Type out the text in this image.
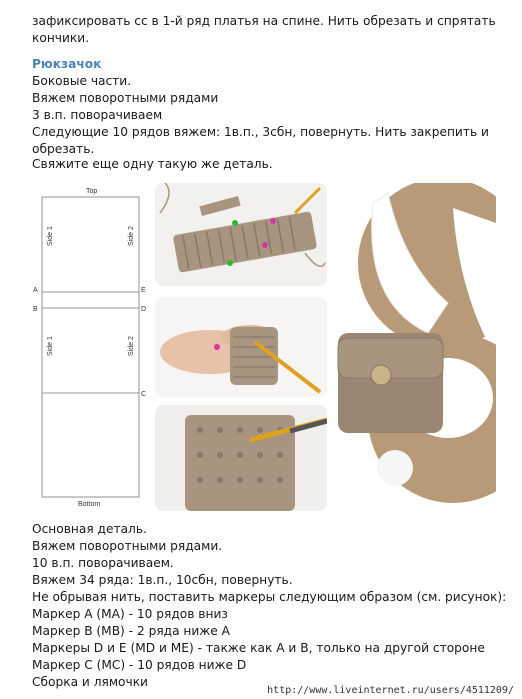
зафиксировать сс в 1-й ряд платья на спине. Нить обрезать и спрятать
кончики.
Рюкзачок
Боковые части.
Вяжем поворотными рядами
3 в.п. поворачиваем
Следующие 10 рядов вяжем: 1в.п., 3сбн, повернуть. Нить закрепить и
обрезать.
Свяжите еще одну такую же деталь.
Top
Bottom
Side 1	Side 2
Side 1	Side 2
A
B
E
D
C
Основная деталь.
Вяжем поворотными рядами.
10 в.п. поворачиваем.
Вяжем 34 ряда: 1в.п., 10сбн, повернуть.
Не обрывая нить, поставить маркеры следующим образом (см. рисунок):
Маркер А (МА) - 10 рядов вниз
Маркер В (МВ) - 2 ряда ниже А
Маркеры D и Е (MD и МЕ) - также как А и В, только на другой стороне
Маркер С (МС) - 10 рядов ниже D
Сборка и лямочки
http://www.liveinternet.ru/users/4511209/
